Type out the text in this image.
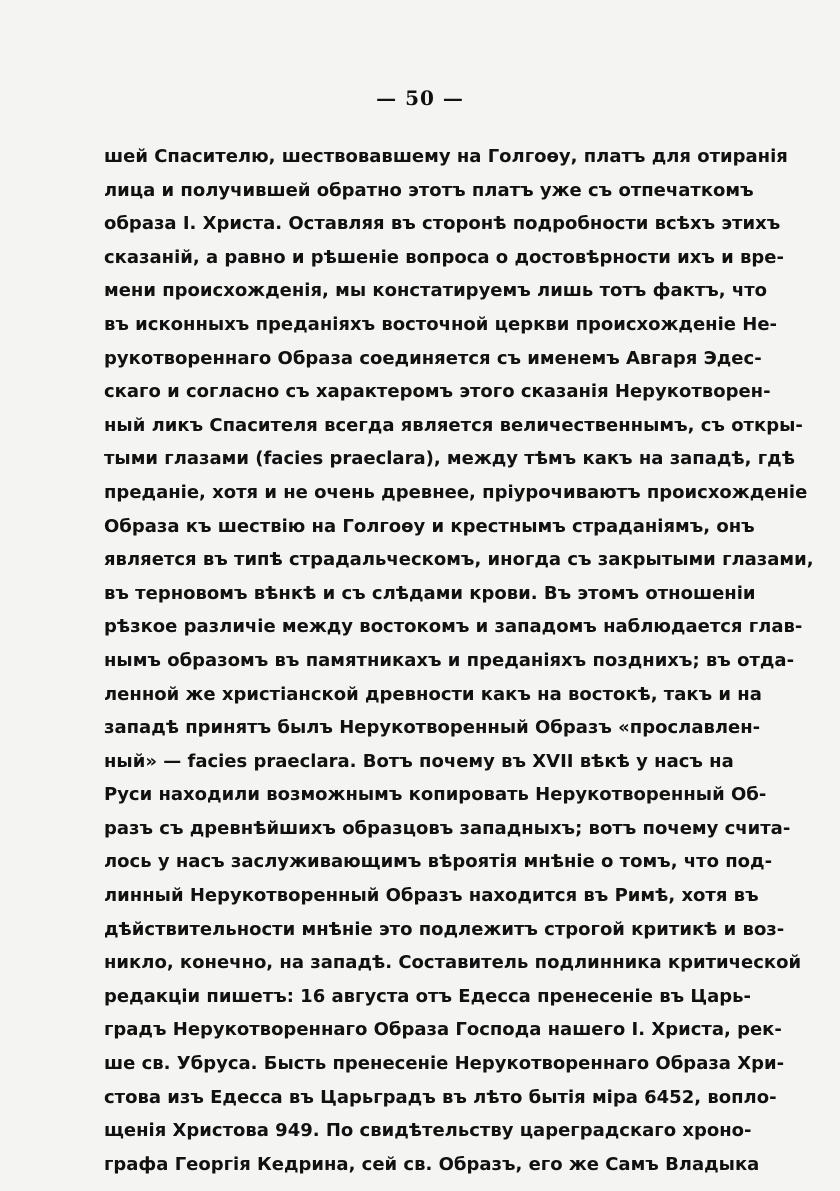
— 50 —
шей Спасителю, шествовавшему на Голгоѳу, платъ для отиранія
лица и получившей обратно этотъ платъ уже съ отпечаткомъ
образа І. Христа. Оставляя въ сторонѣ подробности всѣхъ этихъ
сказаній, а равно и рѣшеніе вопроса о достовѣрности ихъ и вре-
мени происхожденія, мы констатируемъ лишь тотъ фактъ, что
въ исконныхъ преданіяхъ восточной церкви происхожденіе Не-
рукотвореннаго Образа соединяется съ именемъ Авгаря Эдес-
скаго и согласно съ характеромъ этого сказанія Нерукотворен-
ный ликъ Спасителя всегда является величественнымъ, съ откры-
тыми глазами (facies praeclara), между тѣмъ какъ на западѣ, гдѣ
преданіе, хотя и не очень древнее, пріурочиваютъ происхожденіе
Образа къ шествію на Голгоѳу и крестнымъ страданіямъ, онъ
является въ типѣ страдальческомъ, иногда съ закрытыми глазами,
въ терновомъ вѣнкѣ и съ слѣдами крови. Въ этомъ отношеніи
рѣзкое различіе между востокомъ и западомъ наблюдается глав-
нымъ образомъ въ памятникахъ и преданіяхъ позднихъ; въ отда-
ленной же христіанской древности какъ на востокѣ, такъ и на
западѣ принятъ былъ Нерукотворенный Образъ «прославлен-
ный» — facies praeclara. Вотъ почему въ XVII вѣкѣ у насъ на
Руси находили возможнымъ копировать Нерукотворенный Об-
разъ съ древнѣйшихъ образцовъ западныхъ; вотъ почему счита-
лось у насъ заслуживающимъ вѣроятія мнѣніе о томъ, что под-
линный Нерукотворенный Образъ находится въ Римѣ, хотя въ
дѣйствительности мнѣніе это подлежитъ строгой критикѣ и воз-
никло, конечно, на западѣ. Составитель подлинника критической
редакціи пишетъ: 16 августа отъ Едесса пренесеніе въ Царь-
градъ Нерукотвореннаго Образа Господа нашего І. Христа, рек-
ше св. Убруса. Бысть пренесеніе Нерукотвореннаго Образа Хри-
стова изъ Едесса въ Царьградъ въ лѣто бытія міра 6452, вопло-
щенія Христова 949. По свидѣтельству цареградскаго хроно-
графа Георгія Кедрина, сей св. Образъ, его же Самъ Владыка
